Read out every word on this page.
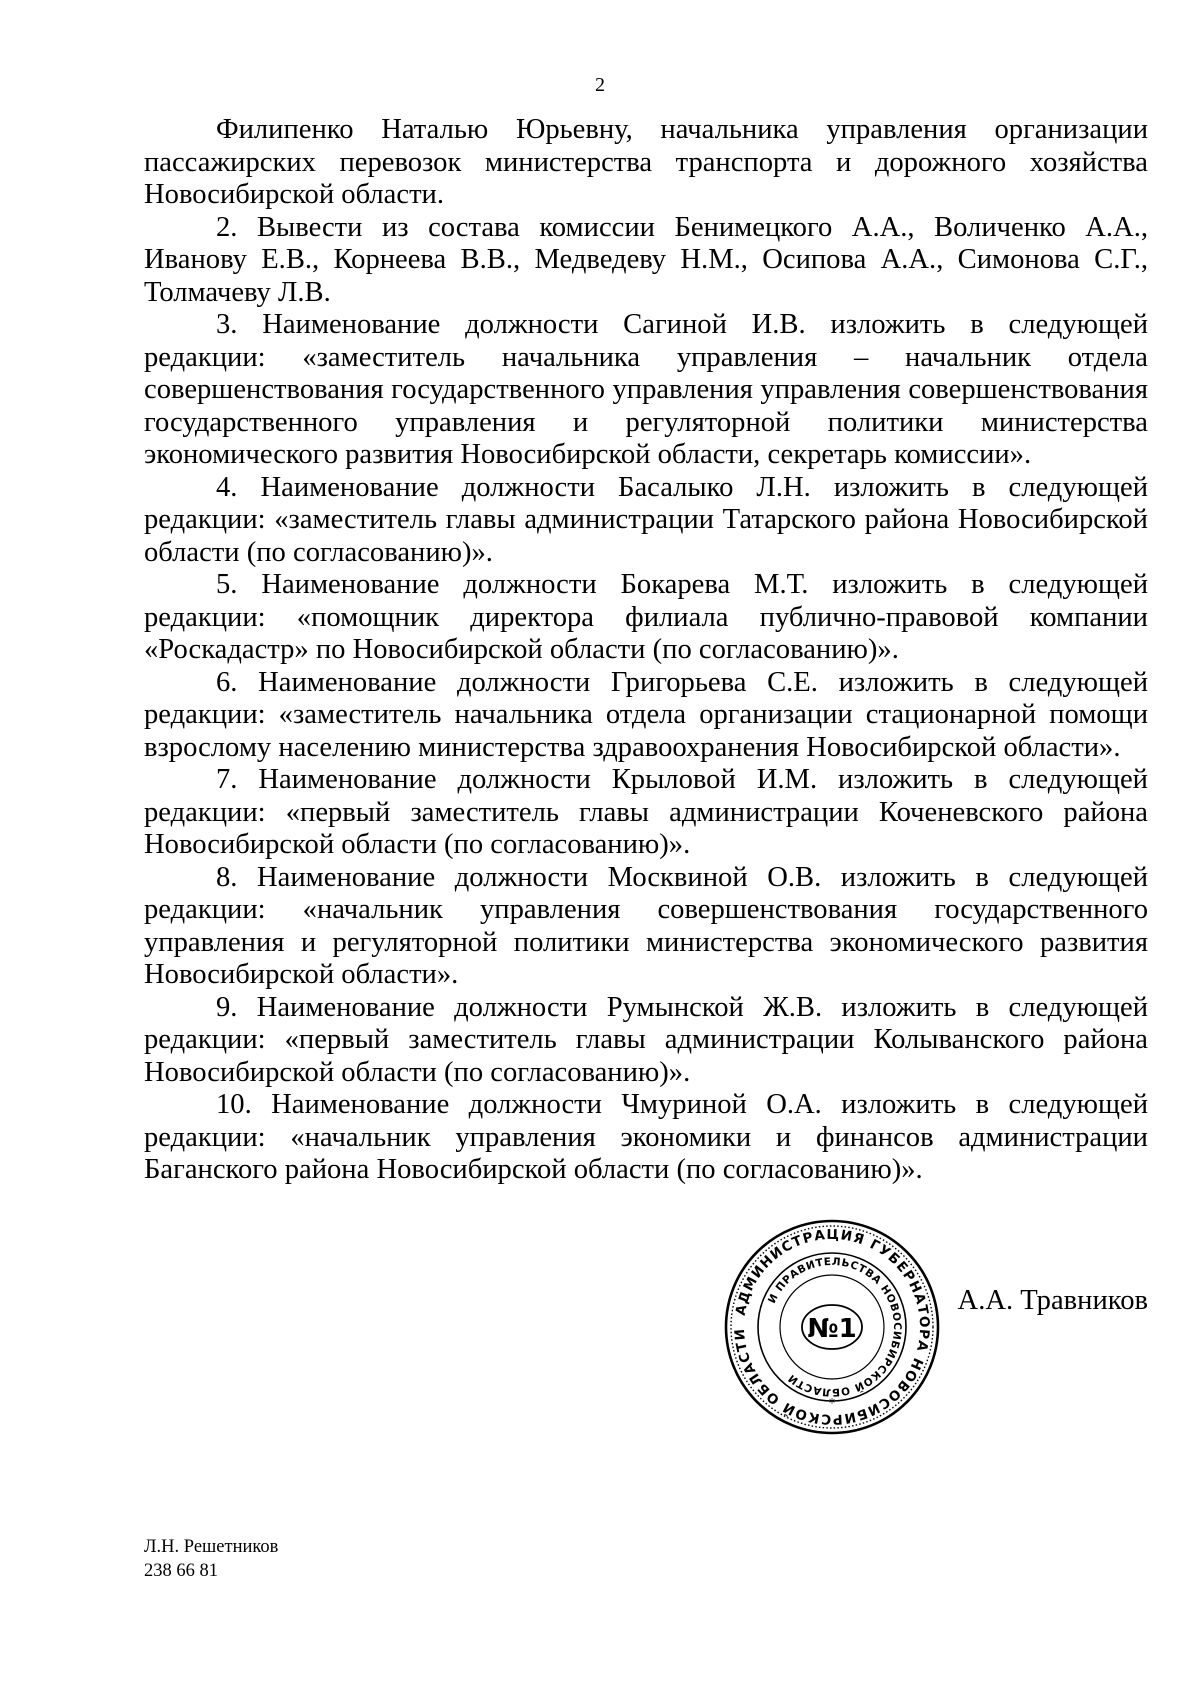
2

Филипенко Наталью Юрьевну, начальника управления организации пассажирских перевозок министерства транспорта и дорожного хозяйства Новосибирской области.

2. Вывести из состава комиссии Бенимецкого А.А., Воличенко А.А., Иванову Е.В., Корнеева В.В., Медведеву Н.М., Осипова А.А., Симонова С.Г., Толмачеву Л.В.

3. Наименование должности Сагиной И.В. изложить в следующей редакции: «заместитель начальника управления – начальник отдела совершенствования государственного управления управления совершенствования государственного управления и регуляторной политики министерства экономического развития Новосибирской области, секретарь комиссии».

4. Наименование должности Басалыко Л.Н. изложить в следующей редакции: «заместитель главы администрации Татарского района Новосибирской области (по согласованию)».

5. Наименование должности Бокарева М.Т. изложить в следующей редакции: «помощник директора филиала публично-правовой компании «Роскадастр» по Новосибирской области (по согласованию)».

6. Наименование должности Григорьева С.Е. изложить в следующей редакции: «заместитель начальника отдела организации стационарной помощи взрослому населению министерства здравоохранения Новосибирской области».

7. Наименование должности Крыловой И.М. изложить в следующей редакции: «первый заместитель главы администрации Коченевского района Новосибирской области (по согласованию)».

8. Наименование должности Москвиной О.В. изложить в следующей редакции: «начальник управления совершенствования государственного управления и регуляторной политики министерства экономического развития Новосибирской области».

9. Наименование должности Румынской Ж.В. изложить в следующей редакции: «первый заместитель главы администрации Колыванского района Новосибирской области (по согласованию)».

10. Наименование должности Чмуриной О.А. изложить в следующей редакции: «начальник управления экономики и финансов администрации Баганского района Новосибирской области (по согласованию)».

АДМИНИСТРАЦИЯ ГУБЕРНАТОРА НОВОСИБИРСКОЙ ОБЛАСТИ
И ПРАВИТЕЛЬСТВА НОВОСИБИРСКОЙ ОБЛАСТИ
№1
*
А.А. Травников
Л.Н. Решетников
238 66 81
